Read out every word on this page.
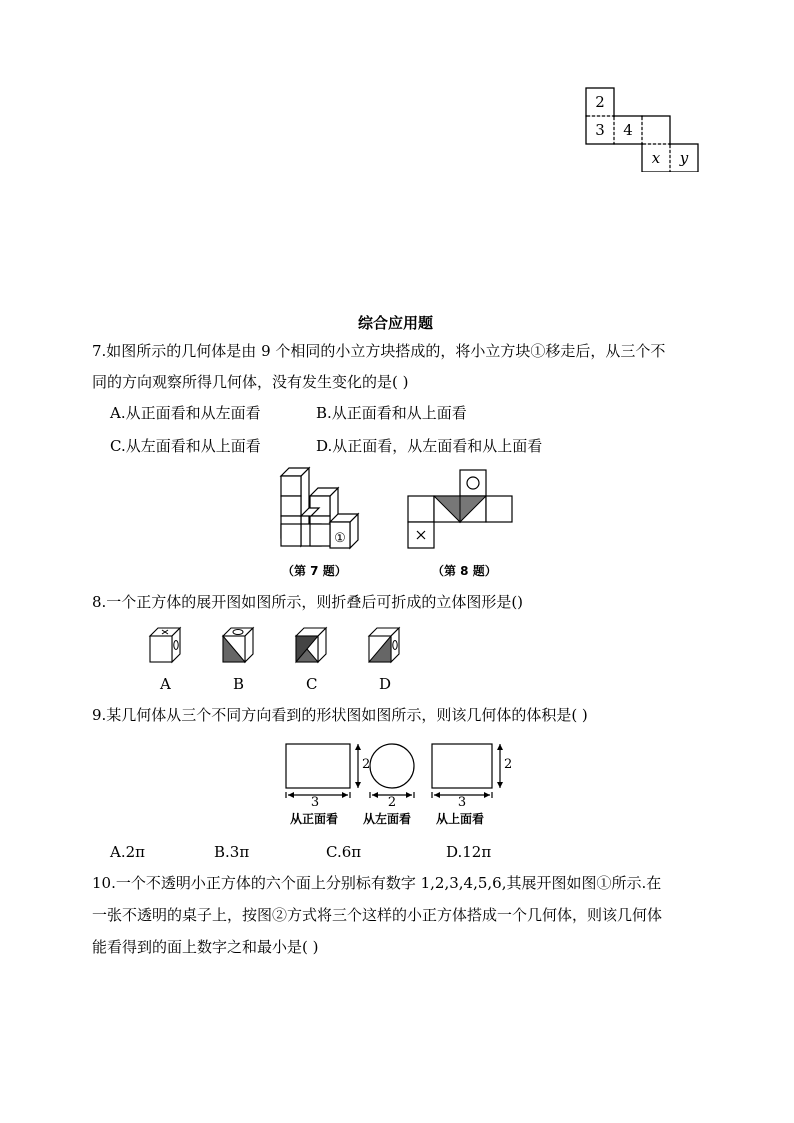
2
3 4
x y
综合应用题
7.如图所示的几何体是由 9 个相同的小立方块搭成的，将小立方块①移走后，从三个不
同的方向观察所得几何体，没有发生变化的是( )
A.从正面看和从左面看	B.从正面看和从上面看
C.从左面看和从上面看	D.从正面看，从左面看和从上面看
①
（第 7 题）	（第 8 题）
8.一个正方体的展开图如图所示，则折叠后可折成的立体图形是()
A	B	C	D
9.某几何体从三个不同方向看到的形状图如图所示，则该几何体的体积是( )
2
3	2
2
3
从正面看 从左面看 从上面看
A.2π	B.3π	C.6π	D.12π
10.一个不透明小正方体的六个面上分别标有数字 1,2,3,4,5,6,其展开图如图①所示.在
一张不透明的桌子上，按图②方式将三个这样的小正方体搭成一个几何体，则该几何体
能看得到的面上数字之和最小是( )
